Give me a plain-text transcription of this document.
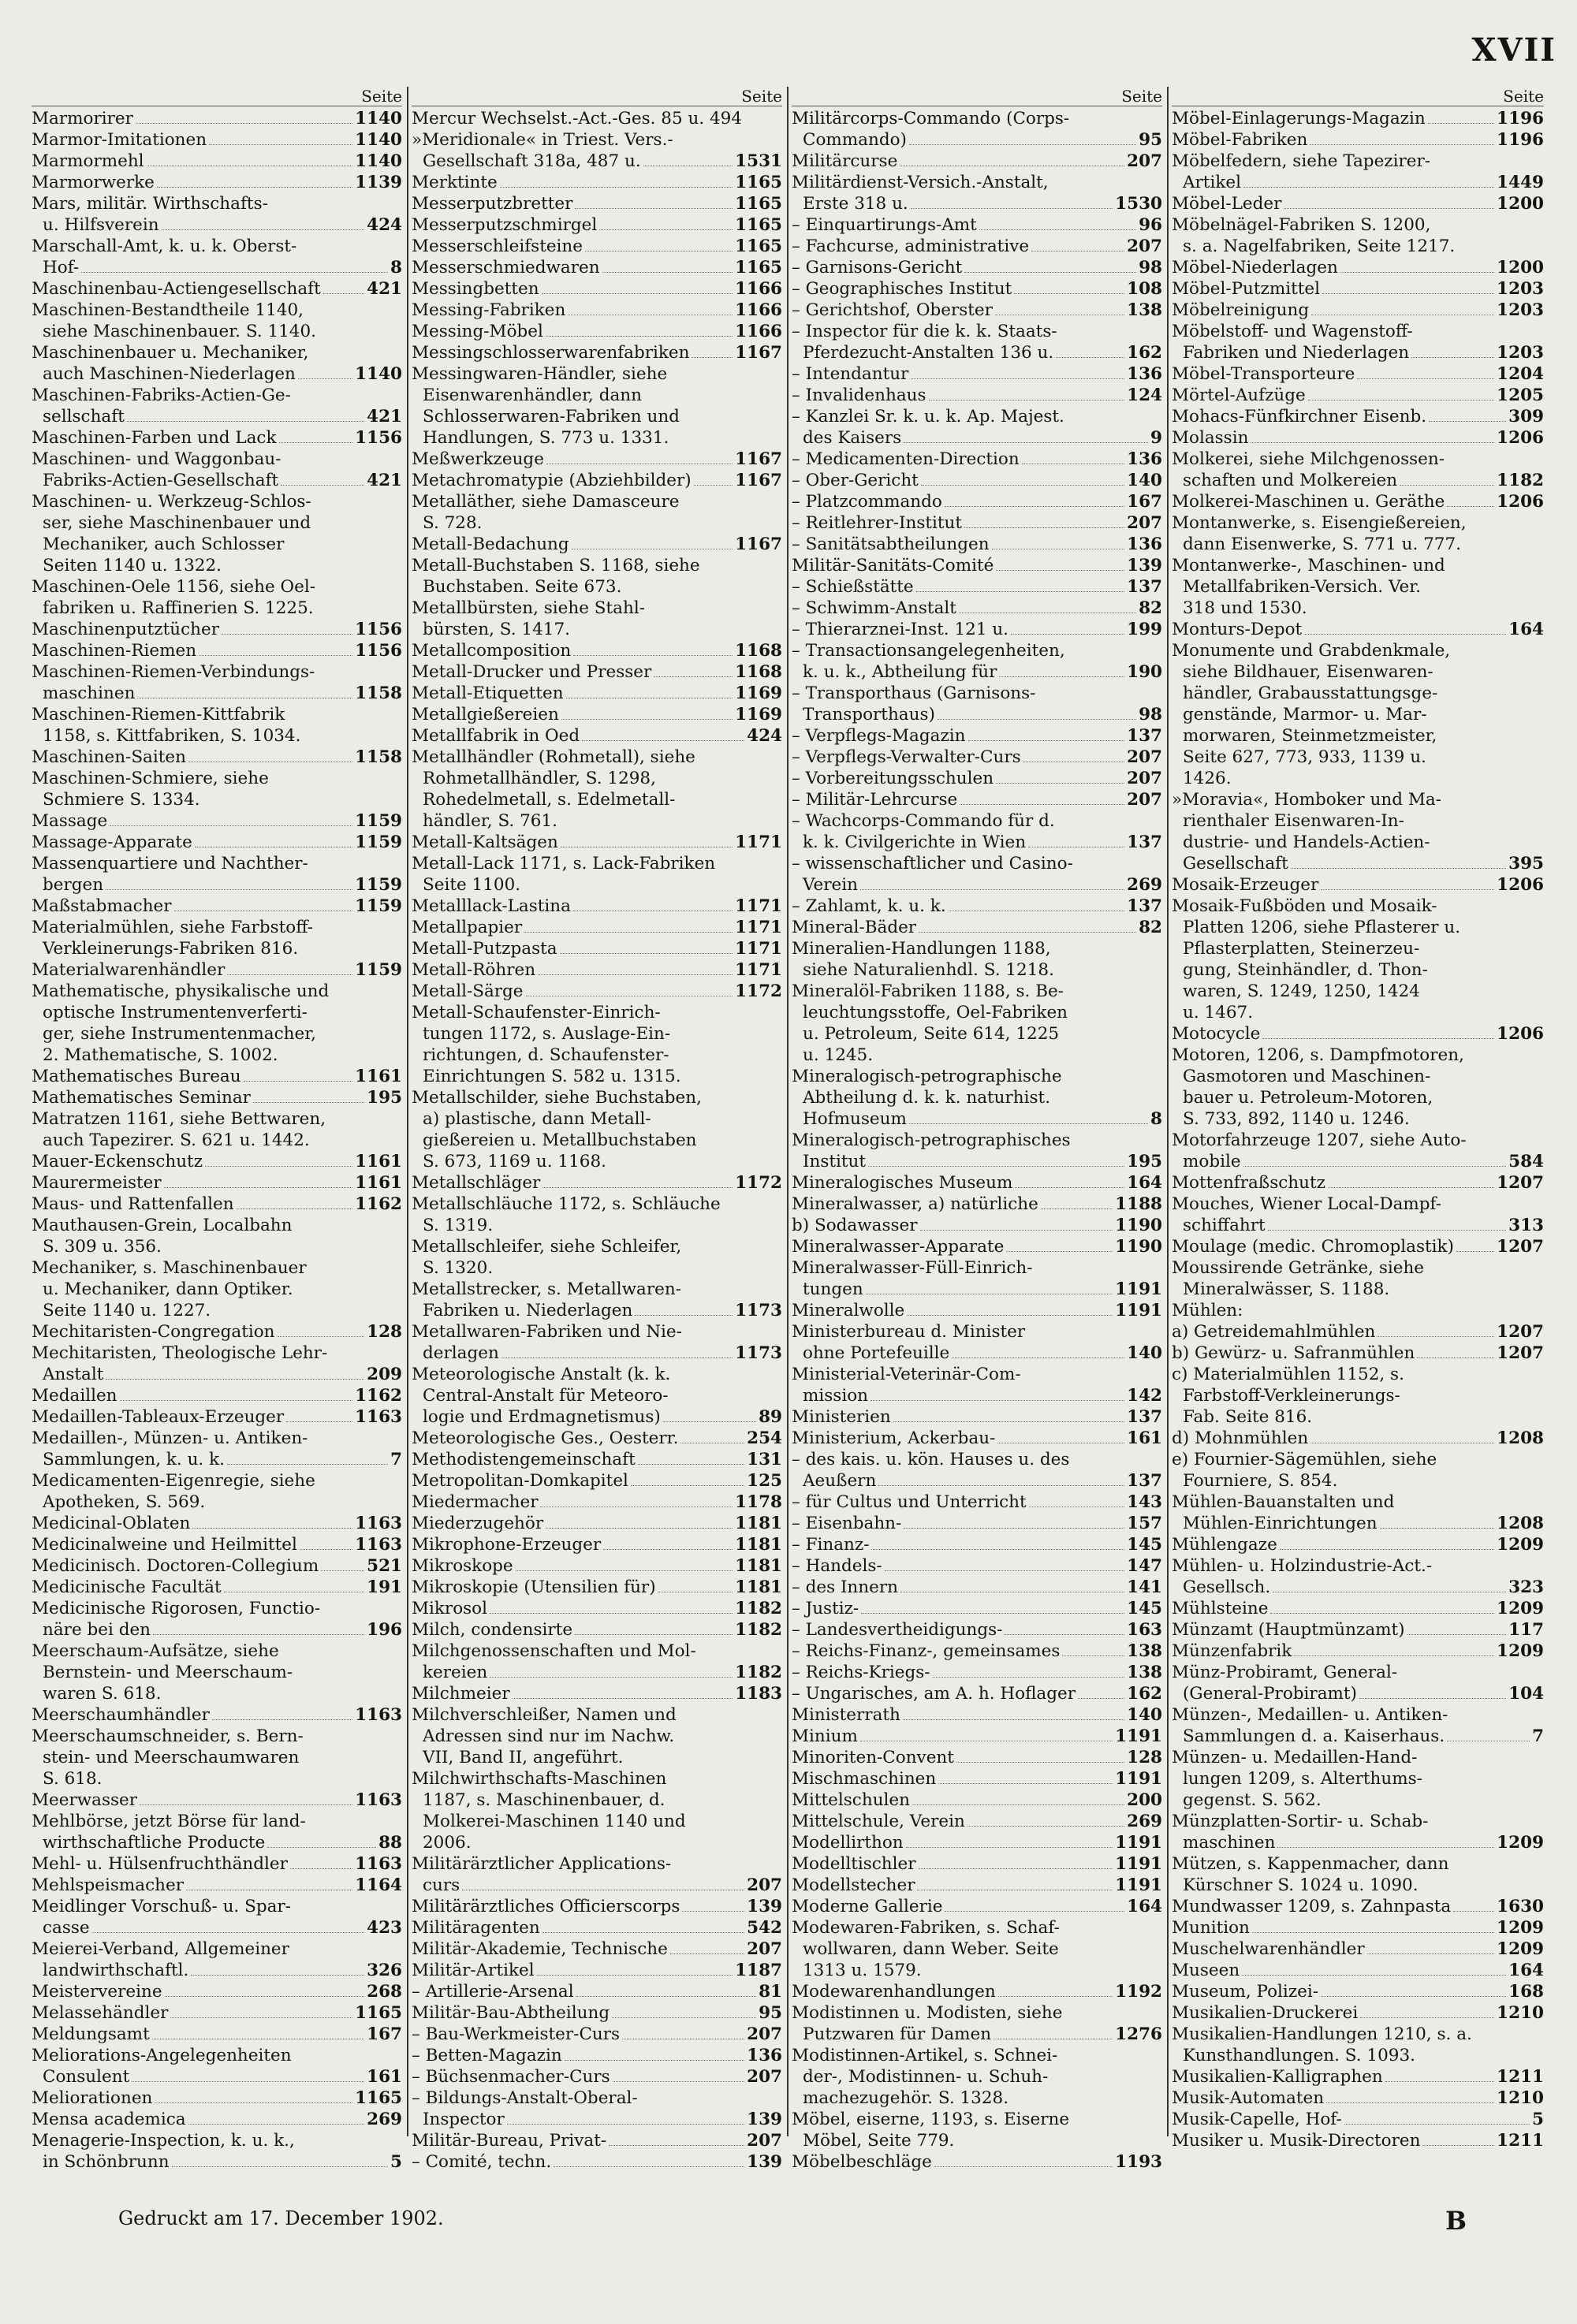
XVII
Seite
Marmorirer	1140
Marmor-Imitationen	1140
Marmormehl	1140
Marmorwerke	1139
Mars, militär. Wirthschafts-
u. Hilfsverein	424
Marschall-Amt, k. u. k. Oberst-
Hof-	8
Maschinenbau-Actiengesellschaft	421
Maschinen-Bestandtheile 1140,
siehe Maschinenbauer. S. 1140.
Maschinenbauer u. Mechaniker,
auch Maschinen-Niederlagen	1140
Maschinen-Fabriks-Actien-Ge-
sellschaft	421
Maschinen-Farben und Lack	1156
Maschinen- und Waggonbau-
Fabriks-Actien-Gesellschaft	421
Maschinen- u. Werkzeug-Schlos-
ser, siehe Maschinenbauer und
Mechaniker, auch Schlosser
Seiten 1140 u. 1322.
Maschinen-Oele 1156, siehe Oel-
fabriken u. Raffinerien S. 1225.
Maschinenputztücher	1156
Maschinen-Riemen	1156
Maschinen-Riemen-Verbindungs-
maschinen	1158
Maschinen-Riemen-Kittfabrik
1158, s. Kittfabriken, S. 1034.
Maschinen-Saiten	1158
Maschinen-Schmiere, siehe
Schmiere S. 1334.
Massage	1159
Massage-Apparate	1159
Massenquartiere und Nachther-
bergen	1159
Maßstabmacher	1159
Materialmühlen, siehe Farbstoff-
Verkleinerungs-Fabriken 816.
Materialwarenhändler	1159
Mathematische, physikalische und
optische Instrumentenverferti-
ger, siehe Instrumentenmacher,
2. Mathematische, S. 1002.
Mathematisches Bureau	1161
Mathematisches Seminar	195
Matratzen 1161, siehe Bettwaren,
auch Tapezirer. S. 621 u. 1442.
Mauer-Eckenschutz	1161
Maurermeister	1161
Maus- und Rattenfallen	1162
Mauthausen-Grein, Localbahn
S. 309 u. 356.
Mechaniker, s. Maschinenbauer
u. Mechaniker, dann Optiker.
Seite 1140 u. 1227.
Mechitaristen-Congregation	128
Mechitaristen, Theologische Lehr-
Anstalt	209
Medaillen	1162
Medaillen-Tableaux-Erzeuger	1163
Medaillen-, Münzen- u. Antiken-
Sammlungen, k. u. k.	7
Medicamenten-Eigenregie, siehe
Apotheken, S. 569.
Medicinal-Oblaten	1163
Medicinalweine und Heilmittel	1163
Medicinisch. Doctoren-Collegium	521
Medicinische Facultät	191
Medicinische Rigorosen, Functio-
näre bei den	196
Meerschaum-Aufsätze, siehe
Bernstein- und Meerschaum-
waren S. 618.
Meerschaumhändler	1163
Meerschaumschneider, s. Bern-
stein- und Meerschaumwaren
S. 618.
Meerwasser	1163
Mehlbörse, jetzt Börse für land-
wirthschaftliche Producte	88
Mehl- u. Hülsenfruchthändler	1163
Mehlspeismacher	1164
Meidlinger Vorschuß- u. Spar-
casse	423
Meierei-Verband, Allgemeiner
landwirthschaftl.	326
Meistervereine	268
Melassehändler	1165
Meldungsamt	167
Meliorations-Angelegenheiten
Consulent	161
Meliorationen	1165
Mensa academica	269
Menagerie-Inspection, k. u. k.,
in Schönbrunn	5
Seite
Mercur Wechselst.-Act.-Ges. 85 u. 494
»Meridionale« in Triest. Vers.-
Gesellschaft 318a, 487 u.	1531
Merktinte	1165
Messerputzbretter	1165
Messerputzschmirgel	1165
Messerschleifsteine	1165
Messerschmiedwaren	1165
Messingbetten	1166
Messing-Fabriken	1166
Messing-Möbel	1166
Messingschlosserwarenfabriken	1167
Messingwaren-Händler, siehe
Eisenwarenhändler, dann
Schlosserwaren-Fabriken und
Handlungen, S. 773 u. 1331.
Meßwerkzeuge	1167
Metachromatypie (Abziehbilder)	1167
Metalläther, siehe Damasceure
S. 728.
Metall-Bedachung	1167
Metall-Buchstaben S. 1168, siehe
Buchstaben. Seite 673.
Metallbürsten, siehe Stahl-
bürsten, S. 1417.
Metallcomposition	1168
Metall-Drucker und Presser	1168
Metall-Etiquetten	1169
Metallgießereien	1169
Metallfabrik in Oed	424
Metallhändler (Rohmetall), siehe
Rohmetallhändler, S. 1298,
Rohedelmetall, s. Edelmetall-
händler, S. 761.
Metall-Kaltsägen	1171
Metall-Lack 1171, s. Lack-Fabriken
Seite 1100.
Metalllack-Lastina	1171
Metallpapier	1171
Metall-Putzpasta	1171
Metall-Röhren	1171
Metall-Särge	1172
Metall-Schaufenster-Einrich-
tungen 1172, s. Auslage-Ein-
richtungen, d. Schaufenster-
Einrichtungen S. 582 u. 1315.
Metallschilder, siehe Buchstaben,
a) plastische, dann Metall-
gießereien u. Metallbuchstaben
S. 673, 1169 u. 1168.
Metallschläger	1172
Metallschläuche 1172, s. Schläuche
S. 1319.
Metallschleifer, siehe Schleifer,
S. 1320.
Metallstrecker, s. Metallwaren-
Fabriken u. Niederlagen	1173
Metallwaren-Fabriken und Nie-
derlagen	1173
Meteorologische Anstalt (k. k.
Central-Anstalt für Meteoro-
logie und Erdmagnetismus)	89
Meteorologische Ges., Oesterr.	254
Methodistengemeinschaft	131
Metropolitan-Domkapitel	125
Miedermacher	1178
Miederzugehör	1181
Mikrophone-Erzeuger	1181
Mikroskope	1181
Mikroskopie (Utensilien für)	1181
Mikrosol	1182
Milch, condensirte	1182
Milchgenossenschaften und Mol-
kereien	1182
Milchmeier	1183
Milchverschleißer, Namen und
Adressen sind nur im Nachw.
VII, Band II, angeführt.
Milchwirthschafts-Maschinen
1187, s. Maschinenbauer, d.
Molkerei-Maschinen 1140 und
2006.
Militärärztlicher Applications-
curs	207
Militärärztliches Officierscorps	139
Militäragenten	542
Militär-Akademie, Technische	207
Militär-Artikel	1187
– Artillerie-Arsenal	81
Militär-Bau-Abtheilung	95
– Bau-Werkmeister-Curs	207
– Betten-Magazin	136
– Büchsenmacher-Curs	207
– Bildungs-Anstalt-Oberal-
Inspector	139
Militär-Bureau, Privat-	207
– Comité, techn.	139
Seite
Militärcorps-Commando (Corps-
Commando)	95
Militärcurse	207
Militärdienst-Versich.-Anstalt,
Erste 318 u.	1530
– Einquartirungs-Amt	96
– Fachcurse, administrative	207
– Garnisons-Gericht	98
– Geographisches Institut	108
– Gerichtshof, Oberster	138
– Inspector für die k. k. Staats-
Pferdezucht-Anstalten 136 u.	162
– Intendantur	136
– Invalidenhaus	124
– Kanzlei Sr. k. u. k. Ap. Majest.
des Kaisers	9
– Medicamenten-Direction	136
– Ober-Gericht	140
– Platzcommando	167
– Reitlehrer-Institut	207
– Sanitätsabtheilungen	136
Militär-Sanitäts-Comité	139
– Schießstätte	137
– Schwimm-Anstalt	82
– Thierarznei-Inst. 121 u.	199
– Transactionsangelegenheiten,
k. u. k., Abtheilung für	190
– Transporthaus (Garnisons-
Transporthaus)	98
– Verpflegs-Magazin	137
– Verpflegs-Verwalter-Curs	207
– Vorbereitungsschulen	207
– Militär-Lehrcurse	207
– Wachcorps-Commando für d.
k. k. Civilgerichte in Wien	137
– wissenschaftlicher und Casino-
Verein	269
– Zahlamt, k. u. k.	137
Mineral-Bäder	82
Mineralien-Handlungen 1188,
siehe Naturalienhdl. S. 1218.
Mineralöl-Fabriken 1188, s. Be-
leuchtungsstoffe, Oel-Fabriken
u. Petroleum, Seite 614, 1225
u. 1245.
Mineralogisch-petrographische
Abtheilung d. k. k. naturhist.
Hofmuseum	8
Mineralogisch-petrographisches
Institut	195
Mineralogisches Museum	164
Mineralwasser, a) natürliche	1188
b) Sodawasser	1190
Mineralwasser-Apparate	1190
Mineralwasser-Füll-Einrich-
tungen	1191
Mineralwolle	1191
Ministerbureau d. Minister
ohne Portefeuille	140
Ministerial-Veterinär-Com-
mission	142
Ministerien	137
Ministerium, Ackerbau-	161
– des kais. u. kön. Hauses u. des
Aeußern	137
– für Cultus und Unterricht	143
– Eisenbahn-	157
– Finanz-	145
– Handels-	147
– des Innern	141
– Justiz-	145
– Landesvertheidigungs-	163
– Reichs-Finanz-, gemeinsames	138
– Reichs-Kriegs-	138
– Ungarisches, am A. h. Hoflager	162
Ministerrath	140
Minium	1191
Minoriten-Convent	128
Mischmaschinen	1191
Mittelschulen	200
Mittelschule, Verein	269
Modellirthon	1191
Modelltischler	1191
Modellstecher	1191
Moderne Gallerie	164
Modewaren-Fabriken, s. Schaf-
wollwaren, dann Weber. Seite
1313 u. 1579.
Modewarenhandlungen	1192
Modistinnen u. Modisten, siehe
Putzwaren für Damen	1276
Modistinnen-Artikel, s. Schnei-
der-, Modistinnen- u. Schuh-
machezugehör. S. 1328.
Möbel, eiserne, 1193, s. Eiserne
Möbel, Seite 779.
Möbelbeschläge	1193
Seite
Möbel-Einlagerungs-Magazin	1196
Möbel-Fabriken	1196
Möbelfedern, siehe Tapezirer-
Artikel	1449
Möbel-Leder	1200
Möbelnägel-Fabriken S. 1200,
s. a. Nagelfabriken, Seite 1217.
Möbel-Niederlagen	1200
Möbel-Putzmittel	1203
Möbelreinigung	1203
Möbelstoff- und Wagenstoff-
Fabriken und Niederlagen	1203
Möbel-Transporteure	1204
Mörtel-Aufzüge	1205
Mohacs-Fünfkirchner Eisenb.	309
Molassin	1206
Molkerei, siehe Milchgenossen-
schaften und Molkereien	1182
Molkerei-Maschinen u. Geräthe	1206
Montanwerke, s. Eisengießereien,
dann Eisenwerke, S. 771 u. 777.
Montanwerke-, Maschinen- und
Metallfabriken-Versich. Ver.
318 und 1530.
Monturs-Depot	164
Monumente und Grabdenkmale,
siehe Bildhauer, Eisenwaren-
händler, Grabausstattungsge-
genstände, Marmor- u. Mar-
morwaren, Steinmetzmeister,
Seite 627, 773, 933, 1139 u.
1426.
»Moravia«, Homboker und Ma-
rienthaler Eisenwaren-In-
dustrie- und Handels-Actien-
Gesellschaft	395
Mosaik-Erzeuger	1206
Mosaik-Fußböden und Mosaik-
Platten 1206, siehe Pflasterer u.
Pflasterplatten, Steinerzeu-
gung, Steinhändler, d. Thon-
waren, S. 1249, 1250, 1424
u. 1467.
Motocycle	1206
Motoren, 1206, s. Dampfmotoren,
Gasmotoren und Maschinen-
bauer u. Petroleum-Motoren,
S. 733, 892, 1140 u. 1246.
Motorfahrzeuge 1207, siehe Auto-
mobile	584
Mottenfraßschutz	1207
Mouches, Wiener Local-Dampf-
schiffahrt	313
Moulage (medic. Chromoplastik)	1207
Moussirende Getränke, siehe
Mineralwässer, S. 1188.
Mühlen:
a) Getreidemahlmühlen	1207
b) Gewürz- u. Safranmühlen	1207
c) Materialmühlen 1152, s.
Farbstoff-Verkleinerungs-
Fab. Seite 816.
d) Mohnmühlen	1208
e) Fournier-Sägemühlen, siehe
Fourniere, S. 854.
Mühlen-Bauanstalten und
Mühlen-Einrichtungen	1208
Mühlengaze	1209
Mühlen- u. Holzindustrie-Act.-
Gesellsch.	323
Mühlsteine	1209
Münzamt (Hauptmünzamt)	117
Münzenfabrik	1209
Münz-Probiramt, General-
(General-Probiramt)	104
Münzen-, Medaillen- u. Antiken-
Sammlungen d. a. Kaiserhaus.	7
Münzen- u. Medaillen-Hand-
lungen 1209, s. Alterthums-
gegenst. S. 562.
Münzplatten-Sortir- u. Schab-
maschinen	1209
Mützen, s. Kappenmacher, dann
Kürschner S. 1024 u. 1090.
Mundwasser 1209, s. Zahnpasta	1630
Munition	1209
Muschelwarenhändler	1209
Museen	164
Museum, Polizei-	168
Musikalien-Druckerei	1210
Musikalien-Handlungen 1210, s. a.
Kunsthandlungen. S. 1093.
Musikalien-Kalligraphen	1211
Musik-Automaten	1210
Musik-Capelle, Hof-	5
Musiker u. Musik-Directoren	1211
Gedruckt am 17. December 1902.	B
